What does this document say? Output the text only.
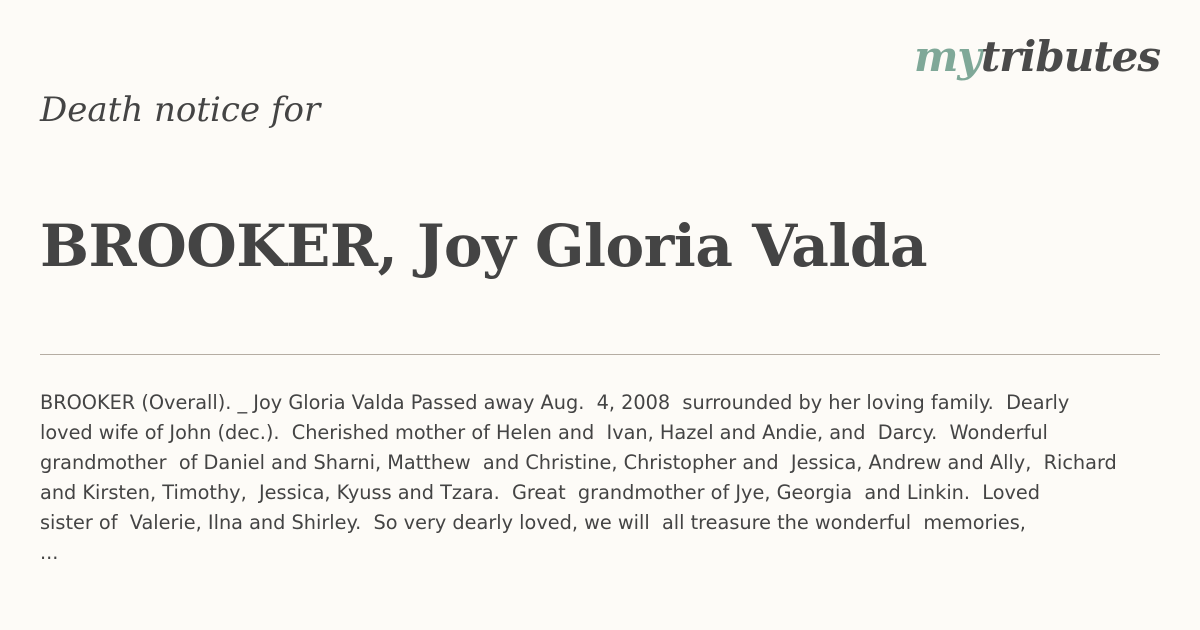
mytributes
Death notice for
BROOKER, Joy Gloria Valda

BROOKER (Overall). _ Joy Gloria Valda Passed away Aug.  4, 2008  surrounded by her loving family.  Dearly
loved wife of John (dec.).  Cherished mother of Helen and  Ivan, Hazel and Andie, and  Darcy.  Wonderful
grandmother  of Daniel and Sharni, Matthew  and Christine, Christopher and  Jessica, Andrew and Ally,  Richard
and Kirsten, Timothy,  Jessica, Kyuss and Tzara.  Great  grandmother of Jye, Georgia  and Linkin.  Loved
sister of  Valerie, Ilna and Shirley.  So very dearly loved, we will  all treasure the wonderful  memories,
...
